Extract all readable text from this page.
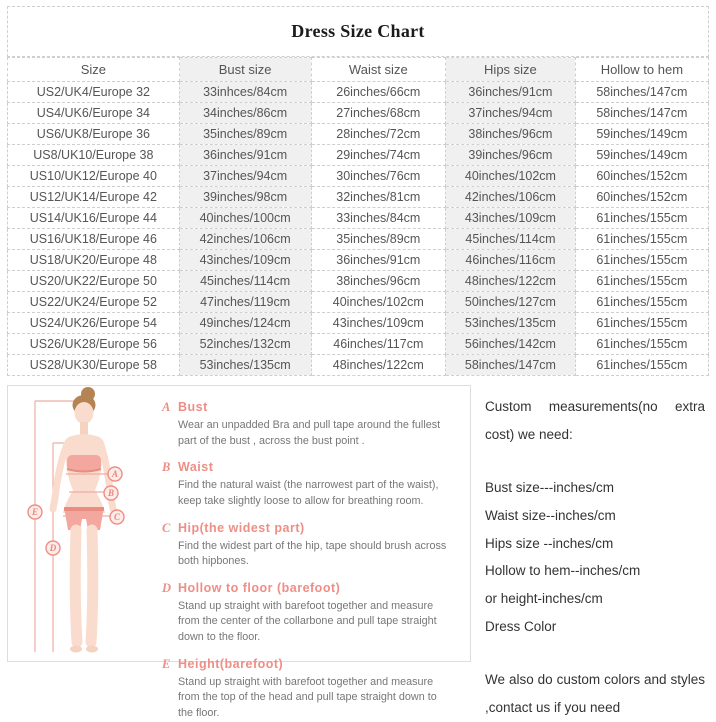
Dress Size Chart
Size	Bust size	Waist size	Hips size	Hollow to hem
US2/UK4/Europe 32	33inhces/84cm	26inches/66cm	36inches/91cm	58inches/147cm
US4/UK6/Europe 34	34inches/86cm	27inches/68cm	37inches/94cm	58inches/147cm
US6/UK8/Europe 36	35inches/89cm	28inches/72cm	38inches/96cm	59inches/149cm
US8/UK10/Europe 38	36inches/91cm	29inches/74cm	39inches/96cm	59inches/149cm
US10/UK12/Europe 40	37inches/94cm	30inches/76cm	40inches/102cm	60inches/152cm
US12/UK14/Europe 42	39inches/98cm	32inches/81cm	42inches/106cm	60inches/152cm
US14/UK16/Europe 44	40inches/100cm	33inches/84cm	43inches/109cm	61inches/155cm
US16/UK18/Europe 46	42inches/106cm	35inches/89cm	45inches/114cm	61inches/155cm
US18/UK20/Europe 48	43inches/109cm	36inches/91cm	46inches/116cm	61inches/155cm
US20/UK22/Europe 50	45inches/114cm	38inches/96cm	48inches/122cm	61inches/155cm
US22/UK24/Europe 52	47inches/119cm	40inches/102cm	50inches/127cm	61inches/155cm
US24/UK26/Europe 54	49inches/124cm	43inches/109cm	53inches/135cm	61inches/155cm
US26/UK28/Europe 56	52inches/132cm	46inches/117cm	56inches/142cm	61inches/155cm
US28/UK30/Europe 58	53inches/135cm	48inches/122cm	58inches/147cm	61inches/155cm
A
B
C
D
E
A Bust
Wear an unpadded Bra and pull tape around the fullest part of the bust , across the bust point .
B Waist
Find the natural waist (the narrowest part of the waist), keep take slightly loose to allow for breathing room.
C Hip(the widest part)
Find the widest part of the hip, tape should brush across both hipbones.
D Hollow to floor (barefoot)
Stand up straight with barefoot together and measure from the center of the collarbone and pull tape straight down to the floor.
E Height(barefoot)
Stand up straight with barefoot together and measure from the top of the head and pull tape straight down to the floor.

Custom measurements(no extra cost) we need:

Bust size---inches/cm
Waist size--inches/cm
Hips size --inches/cm
Hollow to hem--inches/cm
or height-inches/cm
Dress Color

We also do custom colors and styles ,contact us if you need
